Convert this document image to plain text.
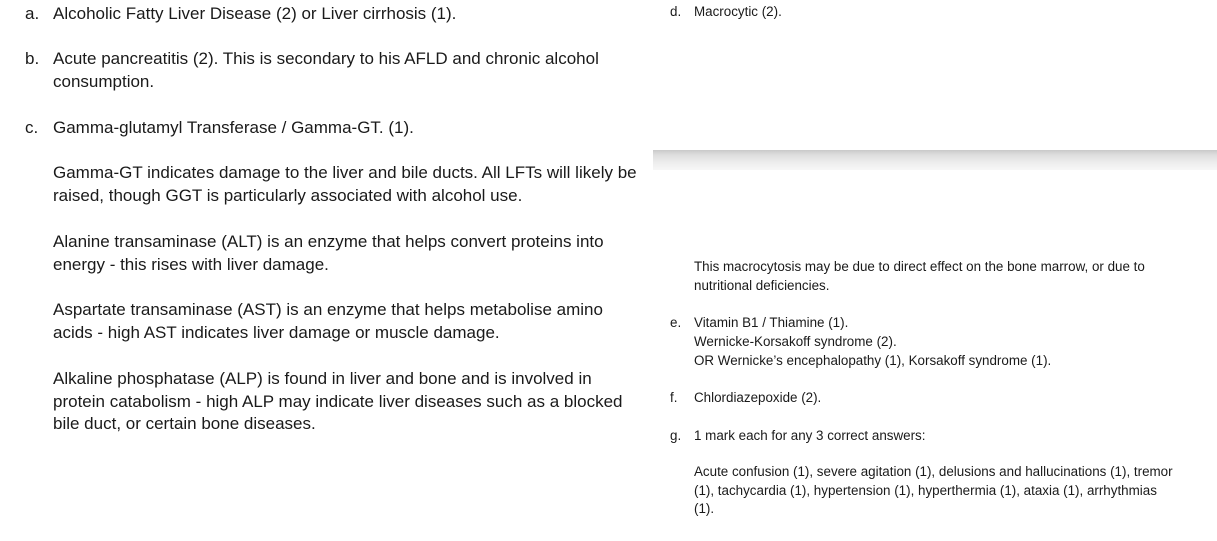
a. Alcoholic Fatty Liver Disease (2) or Liver cirrhosis (1).
b. Acute pancreatitis (2). This is secondary to his AFLD and chronic alcohol consumption.
c. Gamma-glutamyl Transferase / Gamma-GT. (1).
Gamma-GT indicates damage to the liver and bile ducts. All LFTs will likely be raised, though GGT is particularly associated with alcohol use.
Alanine transaminase (ALT) is an enzyme that helps convert proteins into energy - this rises with liver damage.
Aspartate transaminase (AST) is an enzyme that helps metabolise amino acids - high AST indicates liver damage or muscle damage.
Alkaline phosphatase (ALP) is found in liver and bone and is involved in protein catabolism - high ALP may indicate liver diseases such as a blocked bile duct, or certain bone diseases.
d. Macrocytic (2).
This macrocytosis may be due to direct effect on the bone marrow, or due to nutritional deficiencies.
e. Vitamin B1 / Thiamine (1).
Wernicke-Korsakoff syndrome (2).
OR Wernicke’s encephalopathy (1), Korsakoff syndrome (1).
f. Chlordiazepoxide (2).
g. 1 mark each for any 3 correct answers:
Acute confusion (1), severe agitation (1), delusions and hallucinations (1), tremor (1), tachycardia (1), hypertension (1), hyperthermia (1), ataxia (1), arrhythmias (1).
